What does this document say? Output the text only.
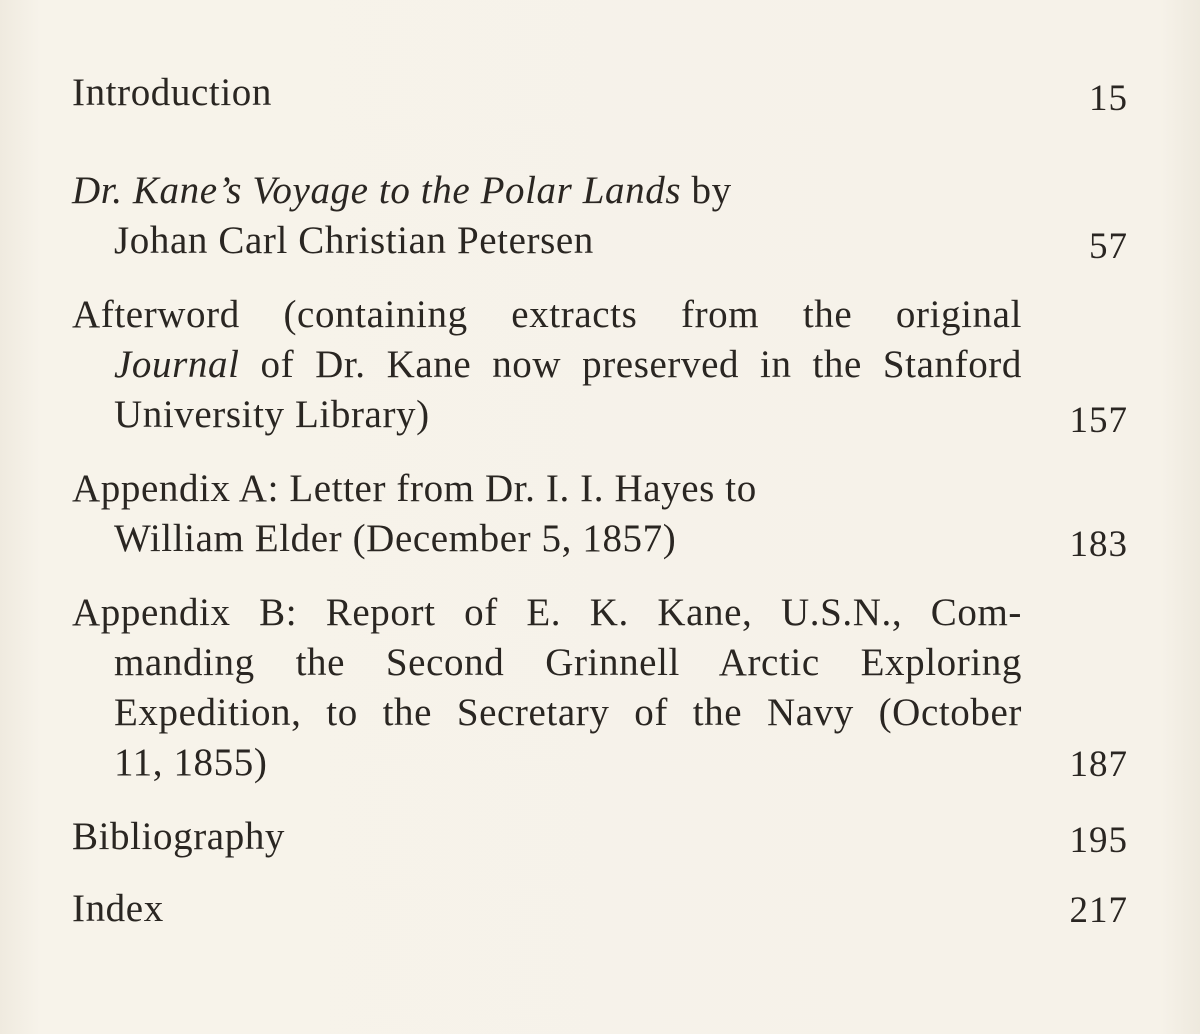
Introduction	15
Dr. Kane’s Voyage to the Polar Lands by
Johan Carl Christian Petersen	57
Afterword (containing extracts from the original
Journal of Dr. Kane now preserved in the Stanford
University Library)	157
Appendix A: Letter from Dr. I. I. Hayes to
William Elder (December 5, 1857)	183
Appendix B: Report of E. K. Kane, U.S.N., Com-
manding the Second Grinnell Arctic Exploring
Expedition, to the Secretary of the Navy (October
11, 1855)	187
Bibliography	195
Index	217
